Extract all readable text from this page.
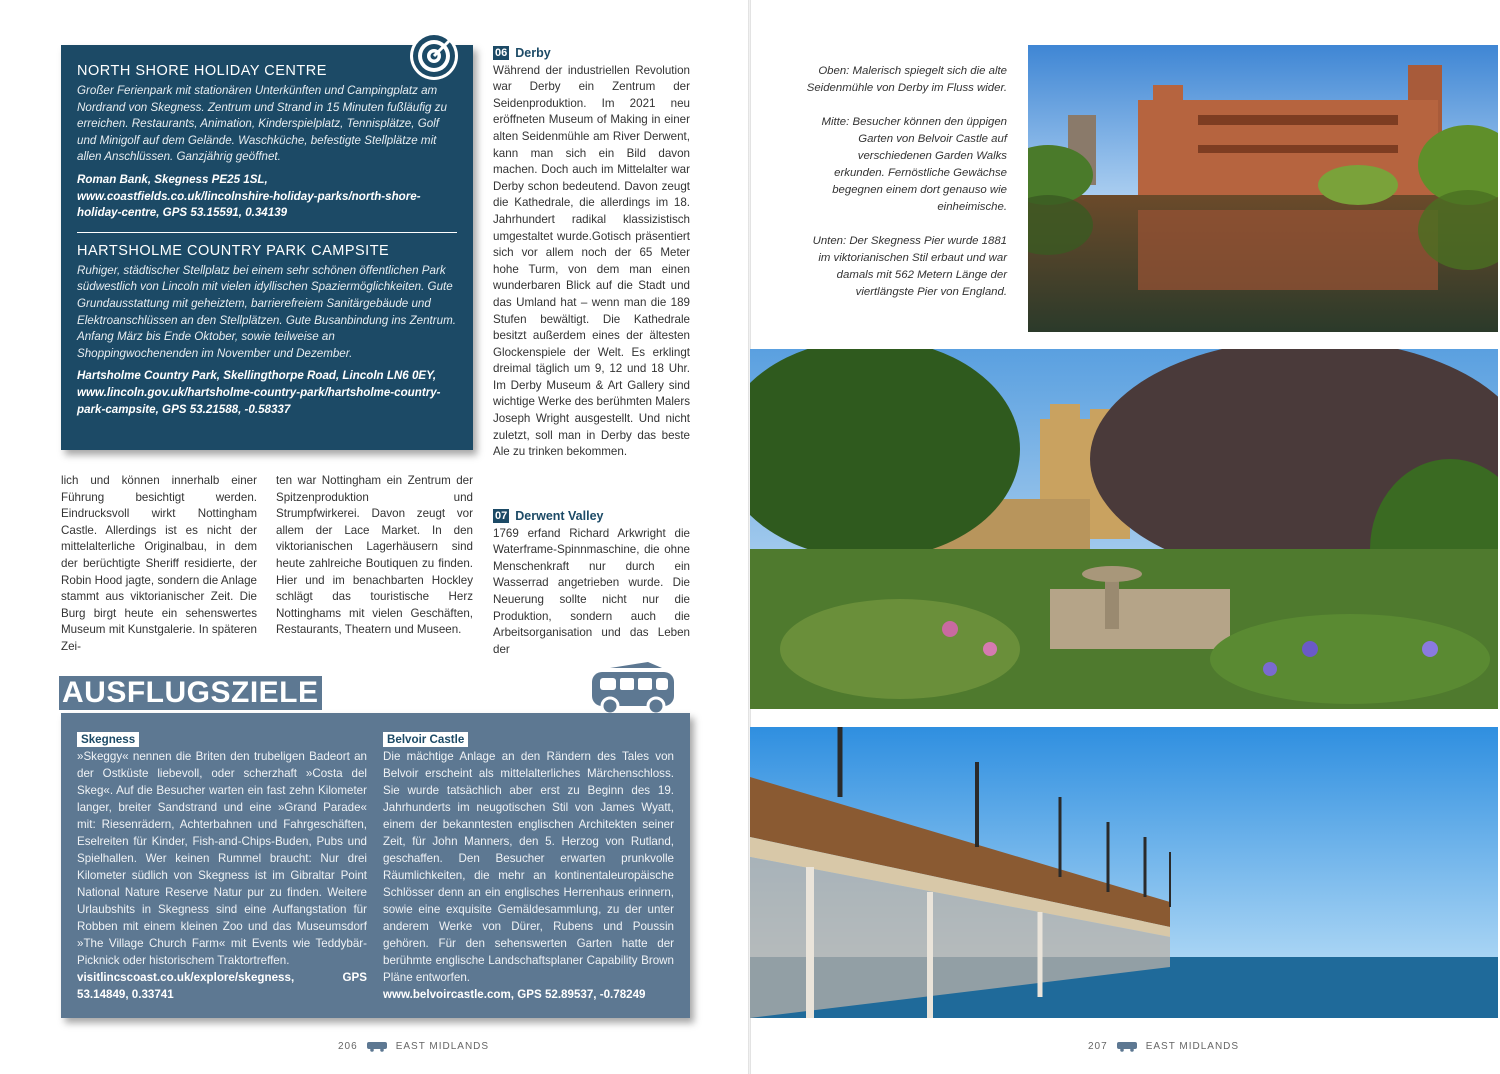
NORTH SHORE HOLIDAY CENTRE

Großer Ferienpark mit stationären Unterkünften und Campingplatz am Nordrand von Skegness. Zentrum und Strand in 15 Minuten fußläufig zu erreichen. Restaurants, Animation, Kinderspielplatz, Tennisplätze, Golf und Minigolf auf dem Gelände. Waschküche, befestigte Stellplätze mit allen Anschlüssen. Ganzjährig geöffnet.

Roman Bank, Skegness PE25 1SL, www.coastfields.co.uk/lincolnshire-holiday-parks/north-shore-holiday-centre, GPS 53.15591, 0.34139

HARTSHOLME COUNTRY PARK CAMPSITE

Ruhiger, städtischer Stellplatz bei einem sehr schönen öffentlichen Park südwestlich von Lincoln mit vielen idyllischen Spaziermöglichkeiten. Gute Grundausstattung mit geheiztem, barrierefreiem Sanitärgebäude und Elektroanschlüssen an den Stellplätzen. Gute Busanbindung ins Zentrum. Anfang März bis Ende Oktober, sowie teilweise an Shoppingwochenenden im November und Dezember.

Hartsholme Country Park, Skellingthorpe Road, Lincoln LN6 0EY, www.lincoln.gov.uk/hartsholme-country-park/hartsholme-country-park-campsite, GPS 53.21588, -0.58337

lich und können innerhalb einer Führung besichtigt werden. Eindrucksvoll wirkt Nottingham Castle. Allerdings ist es nicht der mittelalterliche Originalbau, in dem der berüchtigte Sheriff residierte, der Robin Hood jagte, sondern die Anlage stammt aus viktorianischer Zeit. Die Burg birgt heute ein sehenswertes Museum mit Kunstgalerie. In späteren Zei-
ten war Nottingham ein Zentrum der Spitzenproduktion und Strumpfwirkerei. Davon zeugt vor allem der Lace Market. In den viktorianischen Lagerhäusern sind heute zahlreiche Boutiquen zu finden. Hier und im benachbarten Hockley schlägt das touristische Herz Nottinghams mit vielen Geschäften, Restaurants, Theatern und Museen.
06 Derby
Während der industriellen Revolution war Derby ein Zentrum der Seidenproduktion. Im 2021 neu eröffneten Museum of Making in einer alten Seidenmühle am River Derwent, kann man sich ein Bild davon machen. Doch auch im Mittelalter war Derby schon bedeutend. Davon zeugt die Kathedrale, die allerdings im 18. Jahrhundert radikal klassizistisch umgestaltet wurde.Gotisch präsentiert sich vor allem noch der 65 Meter hohe Turm, von dem man einen wunderbaren Blick auf die Stadt und das Umland hat – wenn man die 189 Stufen bewältigt. Die Kathedrale besitzt außerdem eines der ältesten Glockenspiele der Welt. Es erklingt dreimal täglich um 9, 12 und 18 Uhr. Im Derby Museum & Art Gallery sind wichtige Werke des berühmten Malers Joseph Wright ausgestellt. Und nicht zuletzt, soll man in Derby das beste Ale zu trinken bekommen.
07 Derwent Valley
1769 erfand Richard Arkwright die Waterframe-Spinnmaschine, die ohne Menschenkraft nur durch ein Wasserrad angetrieben wurde. Die Neuerung sollte nicht nur die Produktion, sondern auch die Arbeitsorganisation und das Leben der
AUSFLUGSZIELE
Skegness
»Skeggy« nennen die Briten den trubeligen Badeort an der Ostküste liebevoll, oder scherzhaft »Costa del Skeg«. Auf die Besucher warten ein fast zehn Kilometer langer, breiter Sandstrand und eine »Grand Parade« mit: Riesenrädern, Achterbahnen und Fahrgeschäften, Eselreiten für Kinder, Fish-and-Chips-Buden, Pubs und Spielhallen. Wer keinen Rummel braucht: Nur drei Kilometer südlich von Skegness ist im Gibraltar Point National Nature Reserve Natur pur zu finden. Weitere Urlaubshits in Skegness sind eine Auffangstation für Robben mit einem kleinen Zoo und das Museumsdorf »The Village Church Farm« mit Events wie Teddybär-Picknick oder historischem Traktortreffen.
visitlincscoast.co.uk/explore/skegness, GPS 53.14849, 0.33741
Belvoir Castle
Die mächtige Anlage an den Rändern des Tales von Belvoir erscheint als mittelalterliches Märchenschloss. Sie wurde tatsächlich aber erst zu Beginn des 19. Jahrhunderts im neugotischen Stil von James Wyatt, einem der bekanntesten englischen Architekten seiner Zeit, für John Manners, den 5. Herzog von Rutland, geschaffen. Den Besucher erwarten prunkvolle Räumlichkeiten, die mehr an kontinentaleuropäische Schlösser denn an ein englisches Herrenhaus erinnern, sowie eine exquisite Gemäldesammlung, zu der unter anderem Werke von Dürer, Rubens und Poussin gehören. Für den sehenswerten Garten hatte der berühmte englische Landschaftsplaner Capability Brown Pläne entworfen.
www.belvoircastle.com, GPS 52.89537, -0.78249
206	EAST MIDLANDS

Oben: Malerisch spiegelt sich die alte Seidenmühle von Derby im Fluss wider.

Mitte: Besucher können den üppigen Garten von Belvoir Castle auf verschiedenen Garden Walks erkunden. Fernöstliche Gewächse begegnen einem dort genauso wie einheimische.

Unten: Der Skegness Pier wurde 1881 im viktorianischen Stil erbaut und war damals mit 562 Metern Länge der viertlängste Pier von England.

207	EAST MIDLANDS
